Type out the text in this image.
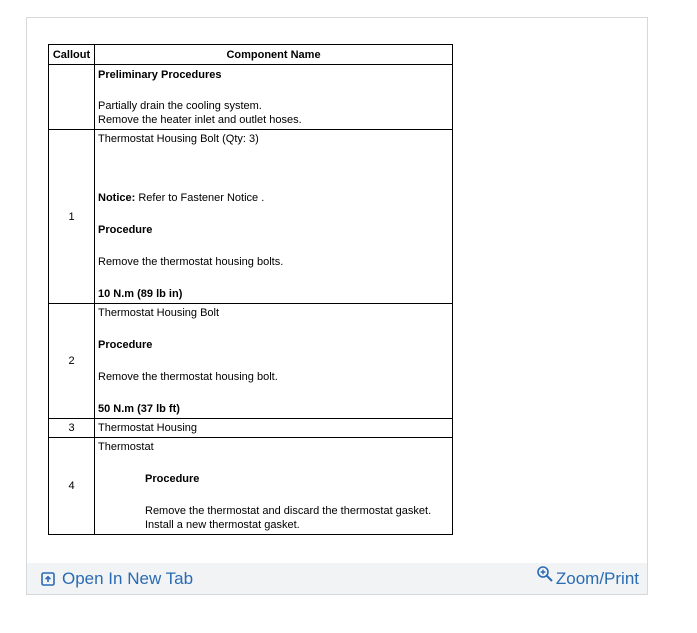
Callout	Component Name

	Preliminary Procedures
Partially drain the cooling system.
Remove the heater inlet and outlet hoses.

1	Thermostat Housing Bolt (Qty: 3)
Notice: Refer to Fastener Notice .
Procedure
Remove the thermostat housing bolts.
10 N.m (89 lb in)

2	Thermostat Housing Bolt
Procedure
Remove the thermostat housing bolt.
50 N.m (37 lb ft)

3	Thermostat Housing

4	Thermostat
Procedure
Remove the thermostat and discard the thermostat gasket.
Install a new thermostat gasket.
Open In New Tab	Zoom/Print
